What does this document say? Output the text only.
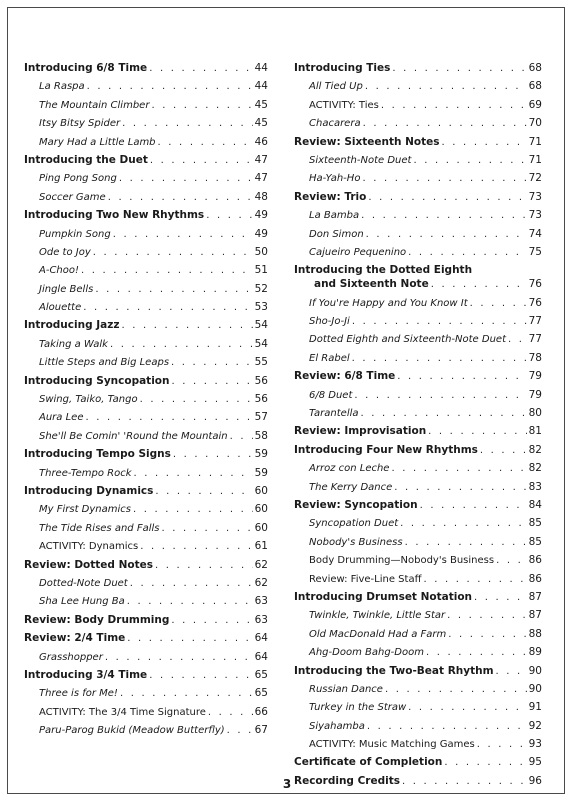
Introducing 6/8 Time . . .	44
La Raspa . . .	44
The Mountain Climber . . .	45
Itsy Bitsy Spider . . .	45
Mary Had a Little Lamb . . .	46
Introducing the Duet . . .	47
Ping Pong Song . . .	47
Soccer Game . . .	48
Introducing Two New Rhythms . . .	49
Pumpkin Song . . .	49
Ode to Joy . . .	50
A-Choo! . . .	51
Jingle Bells . . .	52
Alouette . . .	53
Introducing Jazz . . .	54
Taking a Walk . . .	54
Little Steps and Big Leaps . . .	55
Introducing Syncopation . . .	56
Swing, Taiko, Tango . . .	56
Aura Lee . . .	57
She'll Be Comin' 'Round the Mountain . . .	58
Introducing Tempo Signs . . .	59
Three-Tempo Rock . . .	59
Introducing Dynamics . . .	60
My First Dynamics . . .	60
The Tide Rises and Falls . . .	60
ACTIVITY: Dynamics . . .	61
Review: Dotted Notes . . .	62
Dotted-Note Duet . . .	62
Sha Lee Hung Ba . . .	63
Review: Body Drumming . . .	63
Review: 2/4 Time . . .	64
Grasshopper . . .	64
Introducing 3/4 Time . . .	65
Three is for Me! . . .	65
ACTIVITY: The 3/4 Time Signature . . .	66
Paru-Parog Bukid (Meadow Butterfly) . . .	67
Introducing Ties . . .	68
All Tied Up . . .	68
ACTIVITY: Ties . . .	69
Chacarera . . .	70
Review: Sixteenth Notes . . .	71
Sixteenth-Note Duet . . .	71
Ha-Yah-Ho . . .	72
Review: Trio . . .	73
La Bamba . . .	73
Don Simon . . .	74
Cajueiro Pequenino . . .	75
Introducing the Dotted Eighth
and Sixteenth Note . . .	76
If You're Happy and You Know It . . .	76
Sho-Jo-Ji . . .	77
Dotted Eighth and Sixteenth-Note Duet . . . 77
El Rabel . . .	78
Review: 6/8 Time . . .	79
6/8 Duet . . .	79
Tarantella . . .	80
Review: Improvisation . . .	81
Introducing Four New Rhythms . . .	82
Arroz con Leche . . .	82
The Kerry Dance . . .	83
Review: Syncopation . . .	84
Syncopation Duet . . .	85
Nobody's Business . . .	85
Body Drumming—Nobody's Business . . .	86
Review: Five-Line Staff . . .	86
Introducing Drumset Notation . . .	87
Twinkle, Twinkle, Little Star . . .	87
Old MacDonald Had a Farm . . .	88
Ahg-Doom Bahg-Doom . . .	89
Introducing the Two-Beat Rhythm . . .	90
Russian Dance . . .	90
Turkey in the Straw . . .	91
Siyahamba . . .	92
ACTIVITY: Music Matching Games . . .	93
Certificate of Completion . . .	95
Recording Credits . . .	96
3
